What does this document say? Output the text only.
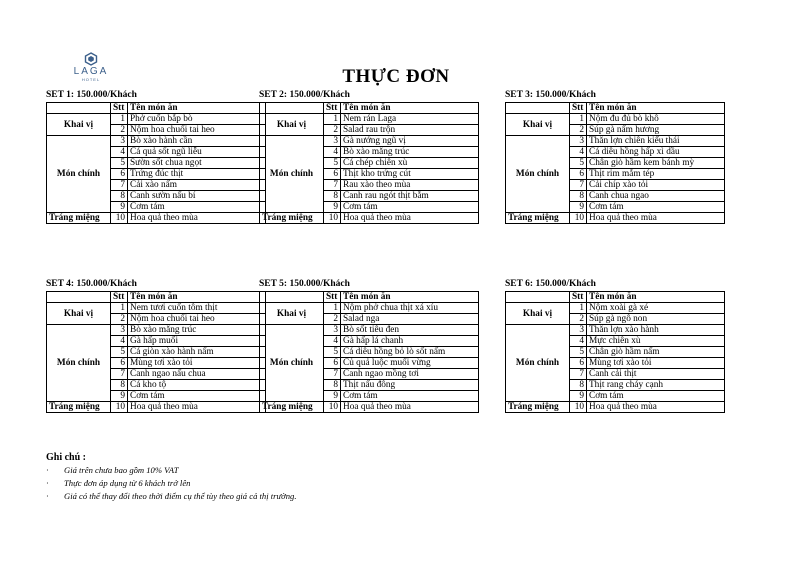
LAGA
HOTEL	THỰC ĐƠN
SET 1: 150.000/Khách
	Stt	Tên món ăn
Khai vị	1	Phở cuốn bắp bò
	2	Nộm hoa chuối tai heo
Món chính	3	Bò xào hành cần
	4	Cá quả sốt ngũ liễu
	5	Sườn sốt chua ngọt
	6	Trứng đúc thịt
	7	Cải xào nấm
	8	Canh sườn nấu bí
	9	Cơm tám
Tráng miệng	10	Hoa quả theo mùa
SET 2: 150.000/Khách
	Stt	Tên món ăn
Khai vị	1	Nem rán Laga
	2	Salad rau trộn
Món chính	3	Gà nướng ngũ vị
	4	Bò xào măng trúc
	5	Cá chép chiên xù
	6	Thịt kho trứng cút
	7	Rau xào theo mùa
	8	Canh rau ngót thịt bằm
	9	Cơm tám
Tráng miệng	10	Hoa quả theo mùa
SET 3: 150.000/Khách
	Stt	Tên món ăn
Khai vị	1	Nộm đu đủ bò khô
	2	Súp gà nấm hương
Món chính	3	Thăn lợn chiên kiểu thái
	4	Cá diêu hồng hấp xì dầu
	5	Chân giò hầm kem bánh mỳ
	6	Thịt rim mắm tép
	7	Cải chíp xào tỏi
	8	Canh chua ngao
	9	Cơm tám
Tráng miệng	10	Hoa quả theo mùa
SET 4: 150.000/Khách
	Stt	Tên món ăn
Khai vị	1	Nem tươi cuốn tôm thịt
	2	Nộm hoa chuối tai heo
Món chính	3	Bò xào măng trúc
	4	Gà hấp muối
	5	Cá giòn xào hành nấm
	6	Mùng tơi xào tỏi
	7	Canh ngao nấu chua
	8	Cá kho tộ
	9	Cơm tám
Tráng miệng	10	Hoa quả theo mùa
SET 5: 150.000/Khách
	Stt	Tên món ăn
Khai vị	1	Nộm phở chua thịt xá xíu
	2	Salad nga
Món chính	3	Bò sốt tiêu đen
	4	Gà hấp lá chanh
	5	Cá diêu hồng bỏ lò sốt nấm
	6	Củ quả luộc muối vừng
	7	Canh ngao mồng tơi
	8	Thịt nấu đông
	9	Cơm tám
Tráng miệng	10	Hoa quả theo mùa
SET 6: 150.000/Khách
	Stt	Tên món ăn
Khai vị	1	Nộm xoài gà xé
	2	Súp gà ngô non
Món chính	3	Thăn lợn xào hành
	4	Mực chiên xù
	5	Chân giò hầm nấm
	6	Mùng tơi xào tỏi
	7	Canh cải thịt
	8	Thịt rang cháy cạnh
	9	Cơm tám
Tráng miệng	10	Hoa quả theo mùa
Ghi chú :
· Giá trên chưa bao gồm 10% VAT
· Thực đơn áp dụng từ 6 khách trở lên
· Giá có thể thay đổi theo thời điểm cụ thể tùy theo giá cả thị trường.
